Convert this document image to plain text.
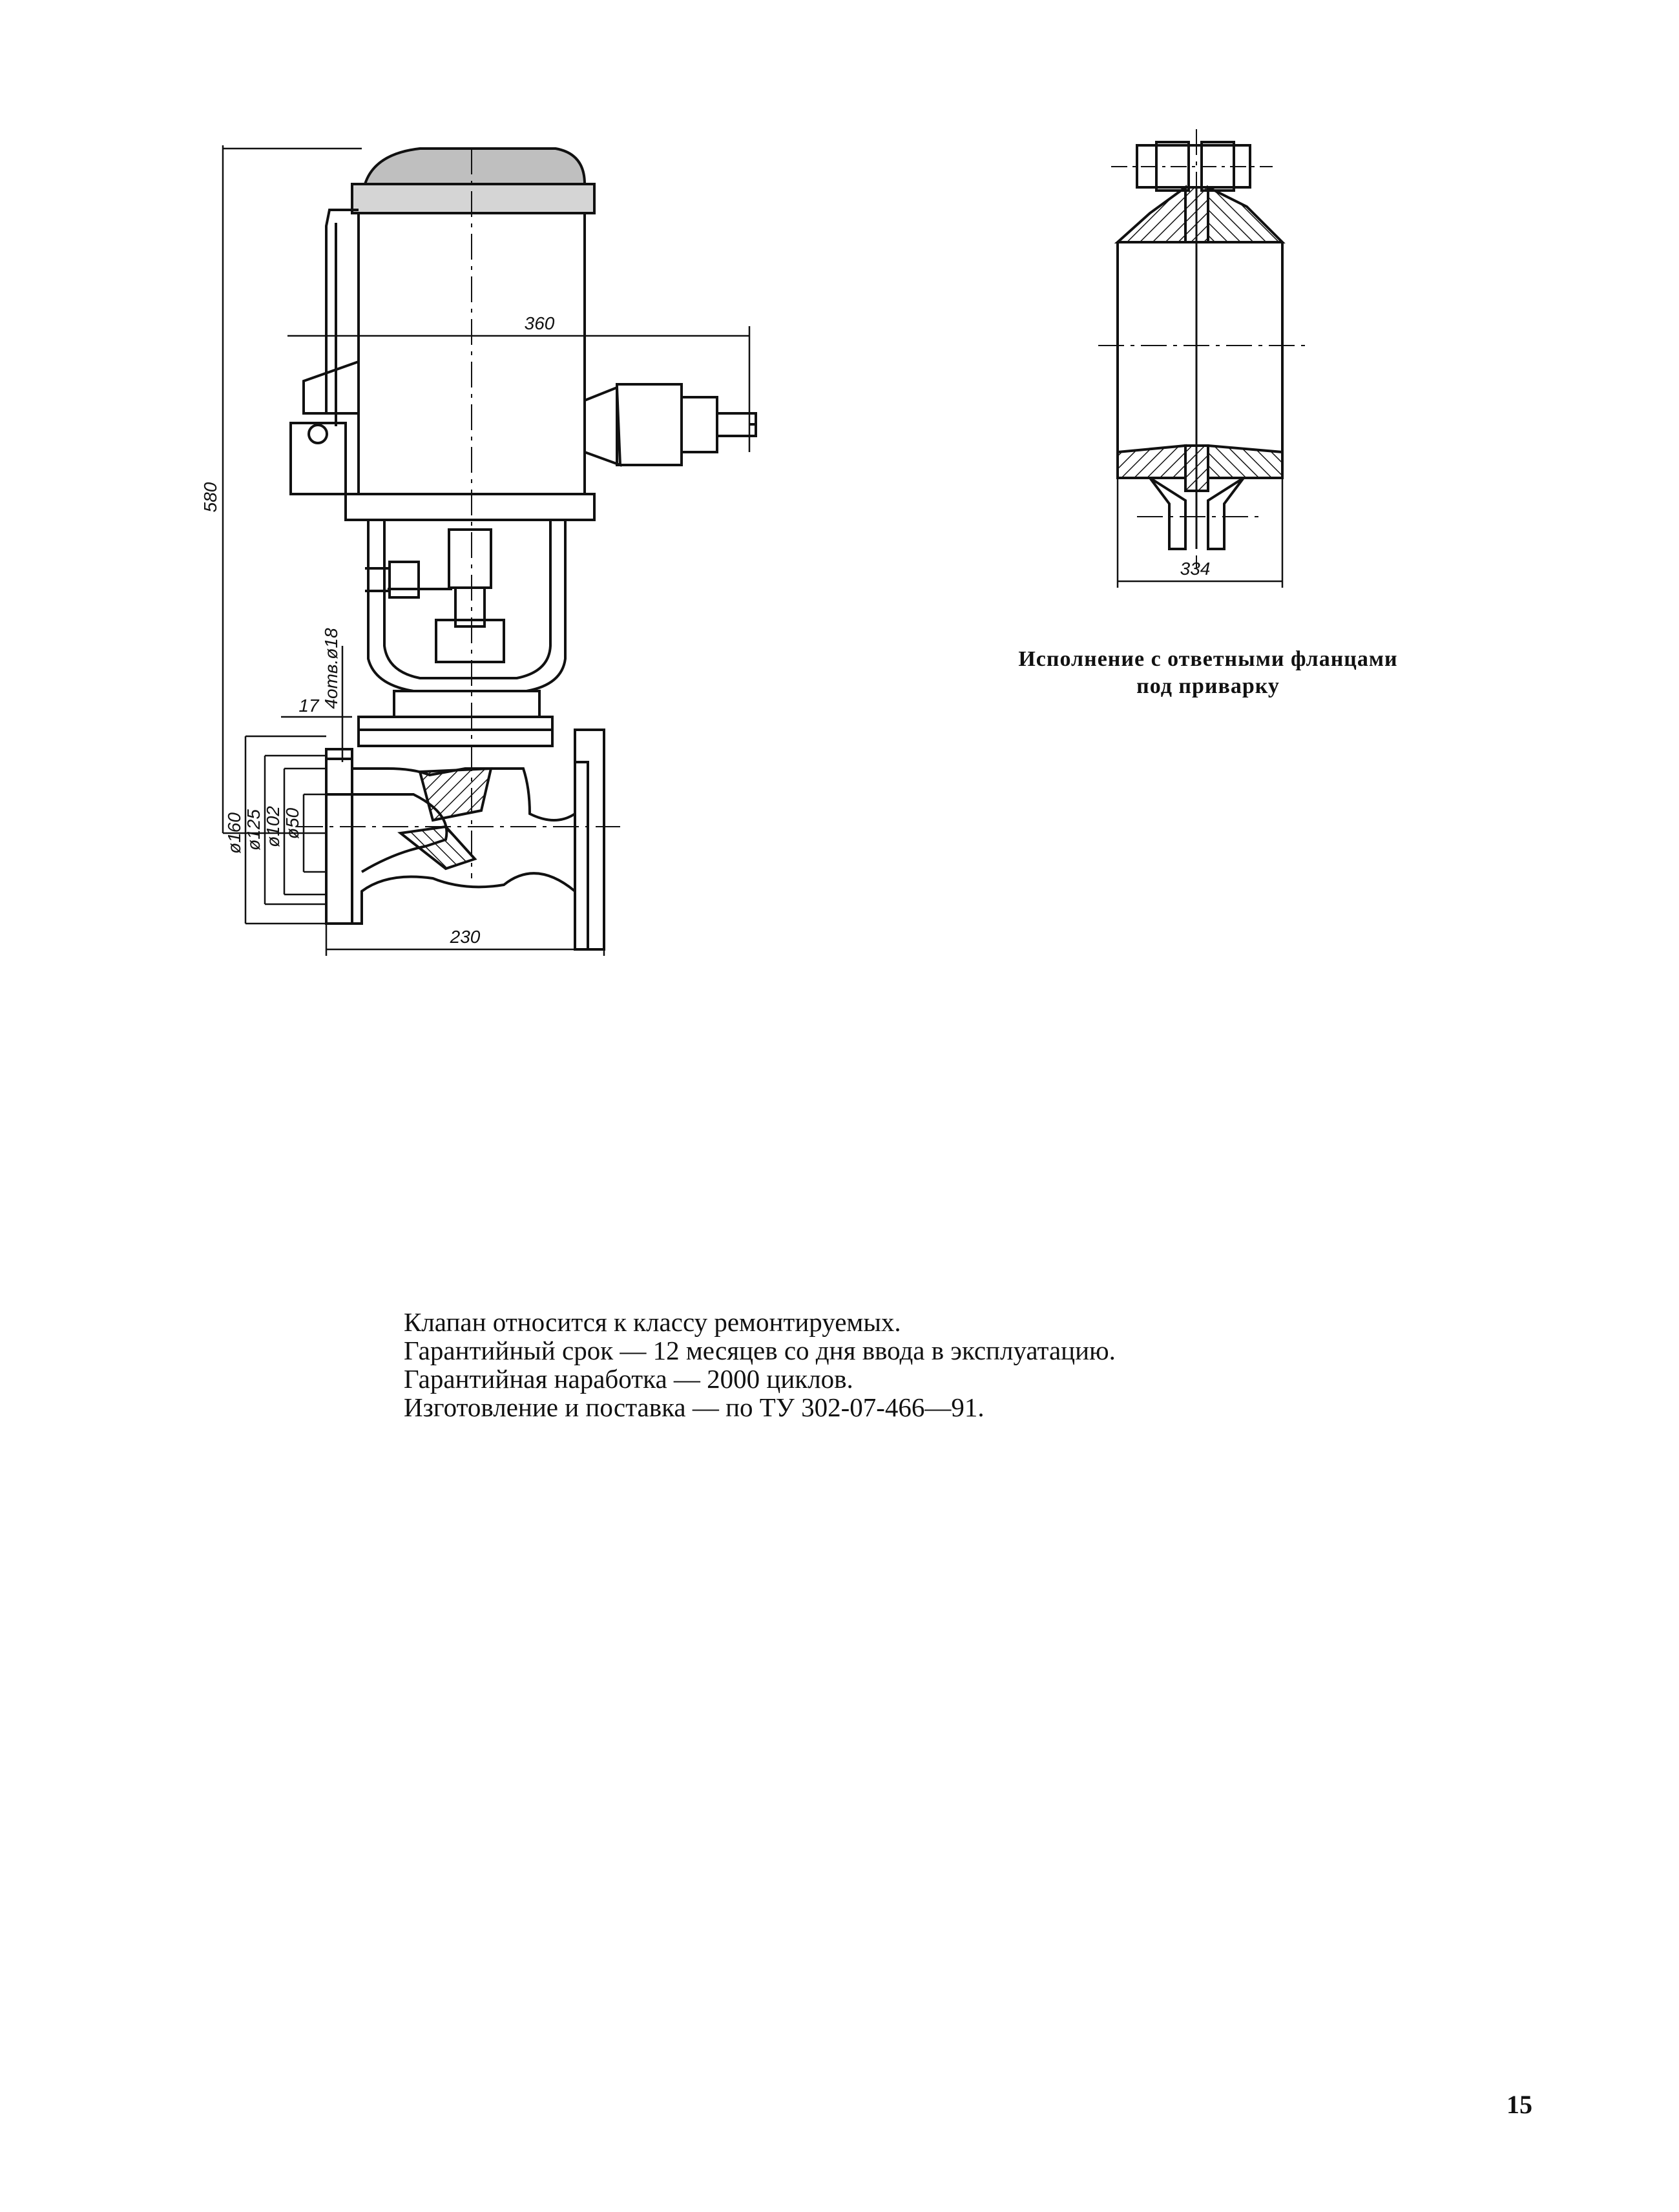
580
360
230
17
ø160 ø125 ø102 ø50
4отв.ø18
334
Исполнение с ответными фланцами
под приварку
Клапан относится к классу ремонтируемых.
Гарантийный срок — 12 месяцев со дня ввода в эксплуатацию.
Гарантийная наработка — 2000 циклов.
Изготовление и поставка — по ТУ 302-07-466—91.
15
